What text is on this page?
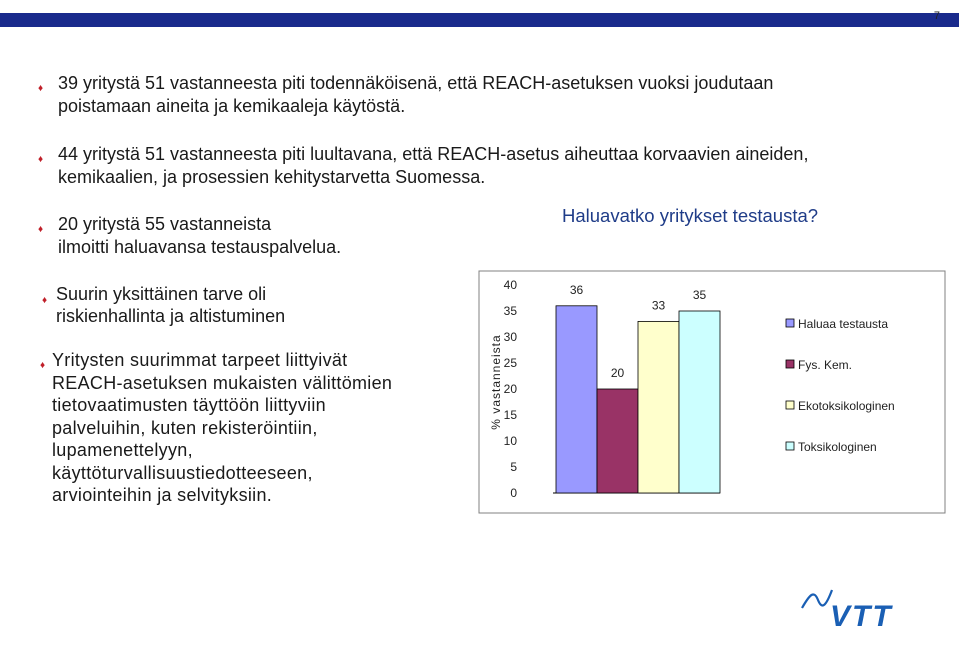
7
♦ 39 yritystä 51 vastanneesta piti todennäköisenä, että REACH-asetuksen vuoksi joudutaan
poistamaan aineita ja kemikaaleja käytöstä.
♦ 44 yritystä 51 vastanneesta piti luultavana, että REACH-asetus aiheuttaa korvaavien aineiden,
kemikaalien, ja prosessien kehitystarvetta Suomessa.
♦ 20 yritystä 55 vastanneista
ilmoitti haluavansa testauspalvelua.
♦ Suurin yksittäinen tarve oli
riskienhallinta ja altistuminen
♦ Yritysten suurimmat tarpeet liittyivät
REACH-asetuksen mukaisten välittömien
tietovaatimusten täyttöön liittyviin
palveluihin, kuten rekisteröintiin,
lupamenettelyyn,
käyttöturvallisuustiedotteeseen,
arviointeihin ja selvityksiin.
Haluavatko yritykset testausta?
0
5
10
15
20
25
30
35
40
% vastanneista
36
20
33
35
Haluaa testausta
Fys. Kem.
Ekotoksikologinen
Toksikologinen
VTT
